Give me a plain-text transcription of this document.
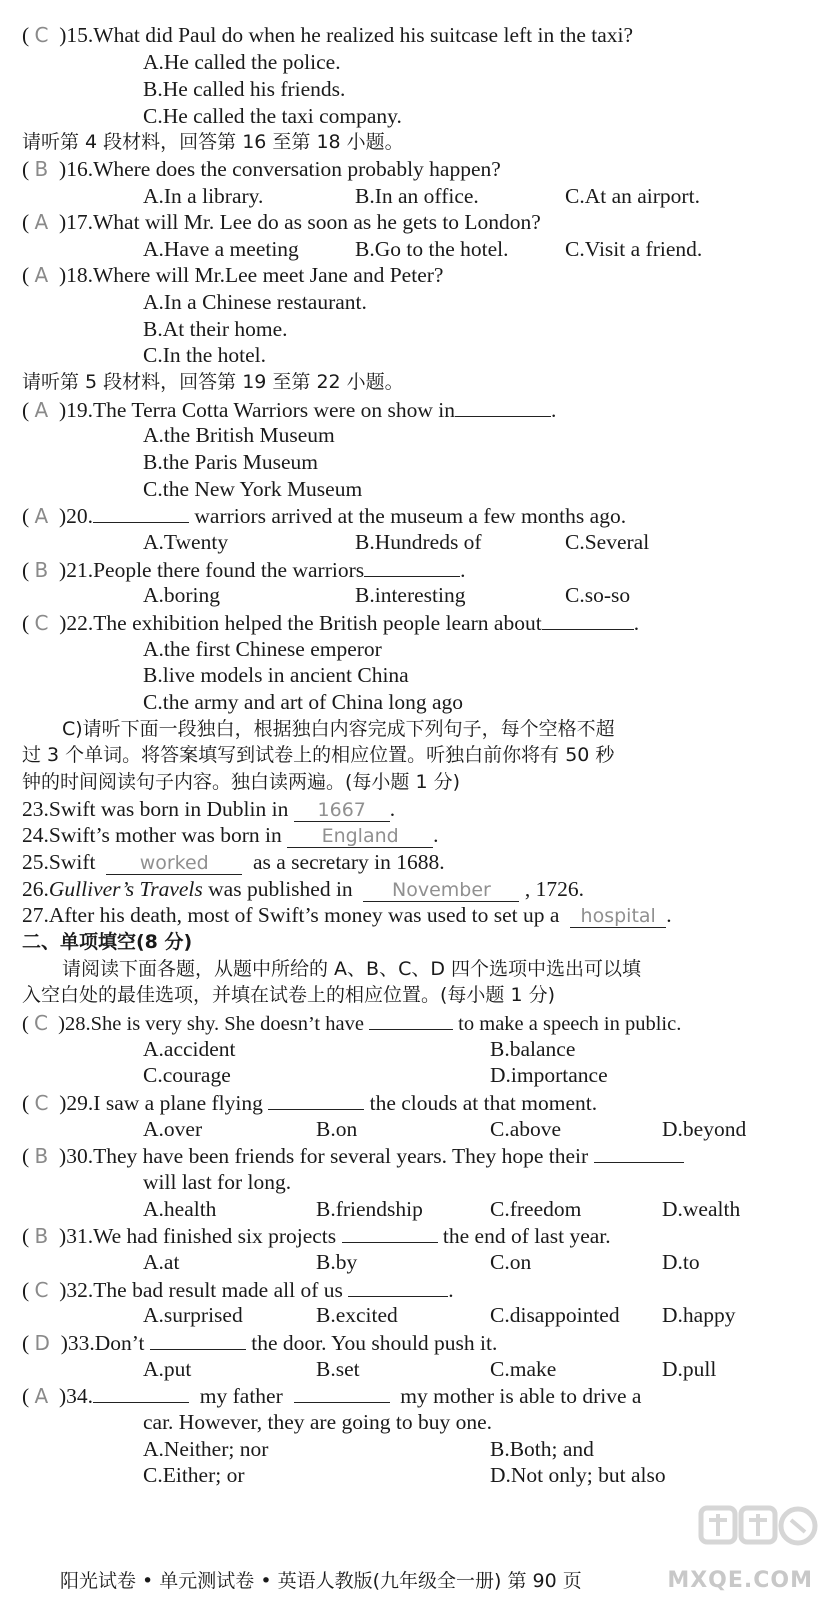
( C )15.What did Paul do when he realized his suitcase left in the taxi?
A.He called the police.
B.He called his friends.
C.He called the taxi company.
请听第 4 段材料，回答第 16 至第 18 小题。
( B )16.Where does the conversation probably happen?
A.In a library.	B.In an office.	C.At an airport.
( A )17.What will Mr. Lee do as soon as he gets to London?
A.Have a meeting	B.Go to the hotel.	C.Visit a friend.
( A )18.Where will Mr.Lee meet Jane and Peter?
A.In a Chinese restaurant.
B.At their home.
C.In the hotel.
请听第 5 段材料，回答第 19 至第 22 小题。
( A )19.The Terra Cotta Warriors were on show in	.
A.the British Museum
B.the Paris Museum
C.the New York Museum
( A )20.	warriors arrived at the museum a few months ago.
A.Twenty	B.Hundreds of	C.Several
( B )21.People there found the warriors	.
A.boring	B.interesting	C.so-so
( C )22.The exhibition helped the British people learn about	.
A.the first Chinese emperor
B.live models in ancient China
C.the army and art of China long ago
C)请听下面一段独白，根据独白内容完成下列句子，每个空格不超
过 3 个单词。将答案填写到试卷上的相应位置。听独白前你将有 50 秒
钟的时间阅读句子内容。独白读两遍。(每小题 1 分)
23.Swift was born in Dublin in 1667 .
24.Swift’s mother was born in England .
25.Swift worked as a secretary in 1688.
26.Gulliver’s Travels was published in November , 1726.
27.After his death, most of Swift’s money was used to set up a hospital .
二、单项填空(8 分)
请阅读下面各题，从题中所给的 A、B、C、D 四个选项中选出可以填
入空白处的最佳选项，并填在试卷上的相应位置。(每小题 1 分)
( C )28.She is very shy. She doesn’t have	to make a speech in public.
A.accident	B.balance
C.courage	D.importance
( C )29.I saw a plane flying	the clouds at that moment.
A.over	B.on	C.above	D.beyond
( B )30.They have been friends for several years. They hope their
will last for long.
A.health	B.friendship	C.freedom	D.wealth
( B )31.We had finished six projects	the end of last year.
A.at	B.by	C.on	D.to
( C )32.The bad result made all of us	.
A.surprised	B.excited	C.disappointed D.happy
( D )33.Don’t	the door. You should push it.
A.put	B.set	C.make	D.pull
( A )34.	my father	my mother is able to drive a
car. However, they are going to buy one.
A.Neither; nor	B.Both; and
C.Either; or	D.Not only; but also
MXQE.COM
阳光试卷 • 单元测试卷 • 英语人教版(九年级全一册) 第 90 页
